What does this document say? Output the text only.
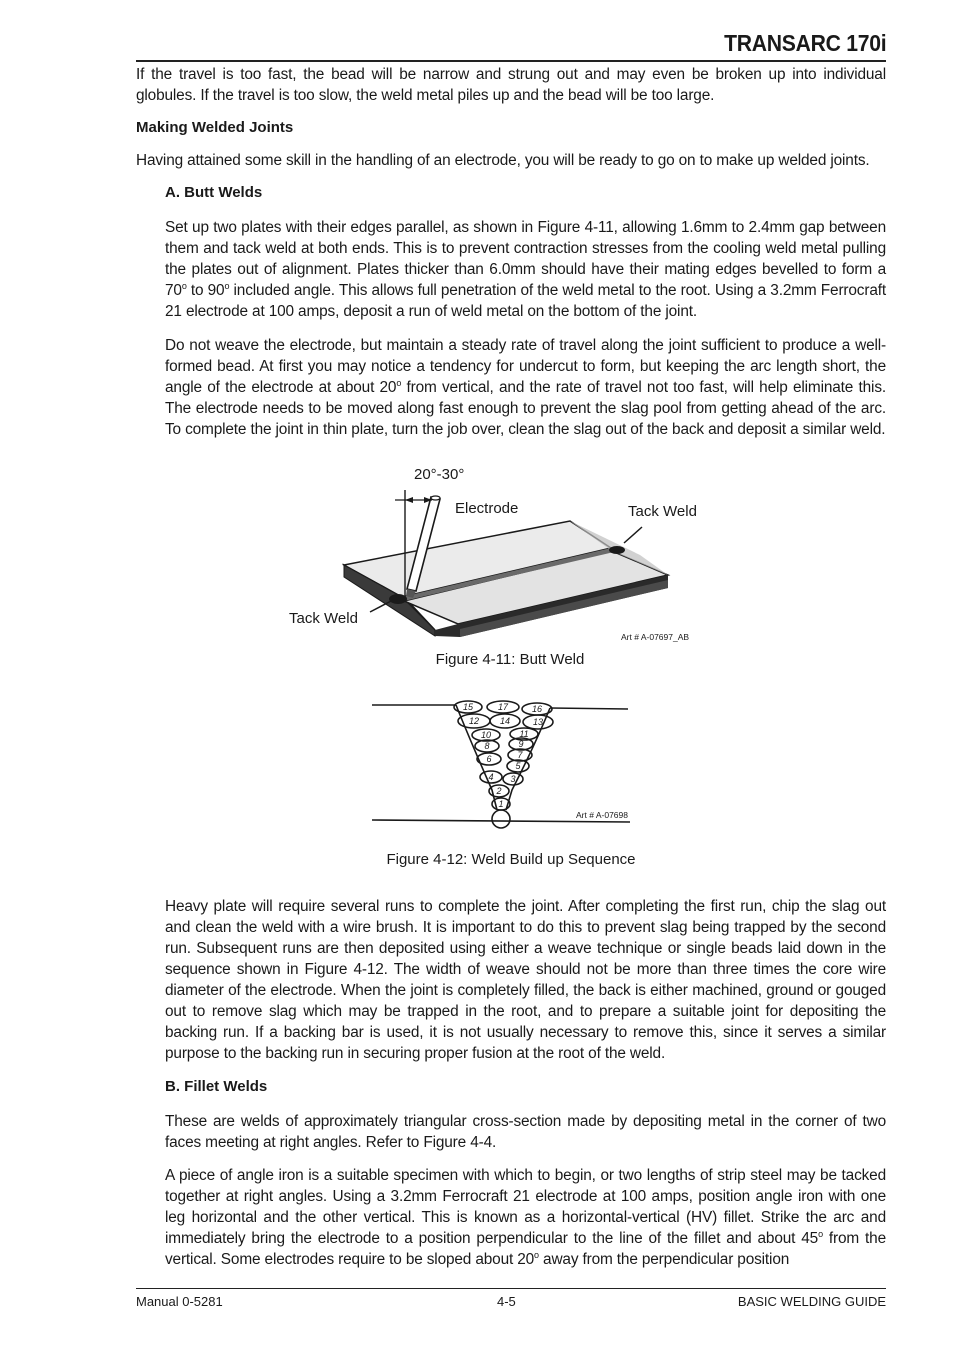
TRANSARC 170i
If the travel is too fast, the bead will be narrow and strung out and may even be broken up into individual globules. If the travel is too slow, the weld metal piles up and the bead will be too large.
Making Welded Joints
Having attained some skill in the handling of an electrode, you will be ready to go on to make up welded joints.
A. Butt Welds
Set up two plates with their edges parallel, as shown in Figure 4-11, allowing 1.6mm to 2.4mm gap between them and tack weld at both ends. This is to prevent contraction stresses from the cooling weld metal pulling the plates out of alignment. Plates thicker than 6.0mm should have their mating edges bevelled to form a 70$^o$ to 90$^o$ included angle. This allows full penetration of the weld metal to the root. Using a 3.2mm Ferrocraft 21 electrode at 100 amps, deposit a run of weld metal on the bottom of the joint.
Do not weave the electrode, but maintain a steady rate of travel along the joint sufficient to produce a well-formed bead. At first you may notice a tendency for undercut to form, but keeping the arc length short, the angle of the electrode at about 20$^o$ from vertical, and the rate of travel not too fast, will help eliminate this. The electrode needs to be moved along fast enough to prevent the slag pool from getting ahead of the arc. To complete the joint in thin plate, turn the job over, clean the slag out of the back and deposit a similar weld.
20°-30°
Electrode	Tack Weld
Tack Weld
Art # A-07697_AB
Figure 4-11: Butt Weld
1
2
3
4
5
6	7
8	9
10	11
12	13
14
15	16
17
Art # A-07698
Figure 4-12: Weld Build up Sequence
Heavy plate will require several runs to complete the joint. After completing the first run, chip the slag out and clean the weld with a wire brush. It is important to do this to prevent slag being trapped by the second run. Subsequent runs are then deposited using either a weave technique or single beads laid down in the sequence shown in Figure 4-12. The width of weave should not be more than three times the core wire diameter of the electrode. When the joint is completely filled, the back is either machined, ground or gouged out to remove slag which may be trapped in the root, and to prepare a suitable joint for depositing the backing run. If a backing bar is used, it is not usually necessary to remove this, since it serves a similar purpose to the backing run in securing proper fusion at the root of the weld.
B. Fillet Welds
These are welds of approximately triangular cross-section made by depositing metal in the corner of two faces meeting at right angles. Refer to Figure 4-4.
A piece of angle iron is a suitable specimen with which to begin, or two lengths of strip steel may be tacked together at right angles. Using a 3.2mm Ferrocraft 21 electrode at 100 amps, position angle iron with one leg horizontal and the other vertical. This is known as a horizontal-vertical (HV) fillet. Strike the arc and immediately bring the electrode to a position perpendicular to the line of the fillet and about 45$^o$ from the vertical. Some electrodes require to be sloped about 20$^o$ away from the perpendicular position
Manual 0-5281	4-5	BASIC WELDING GUIDE
